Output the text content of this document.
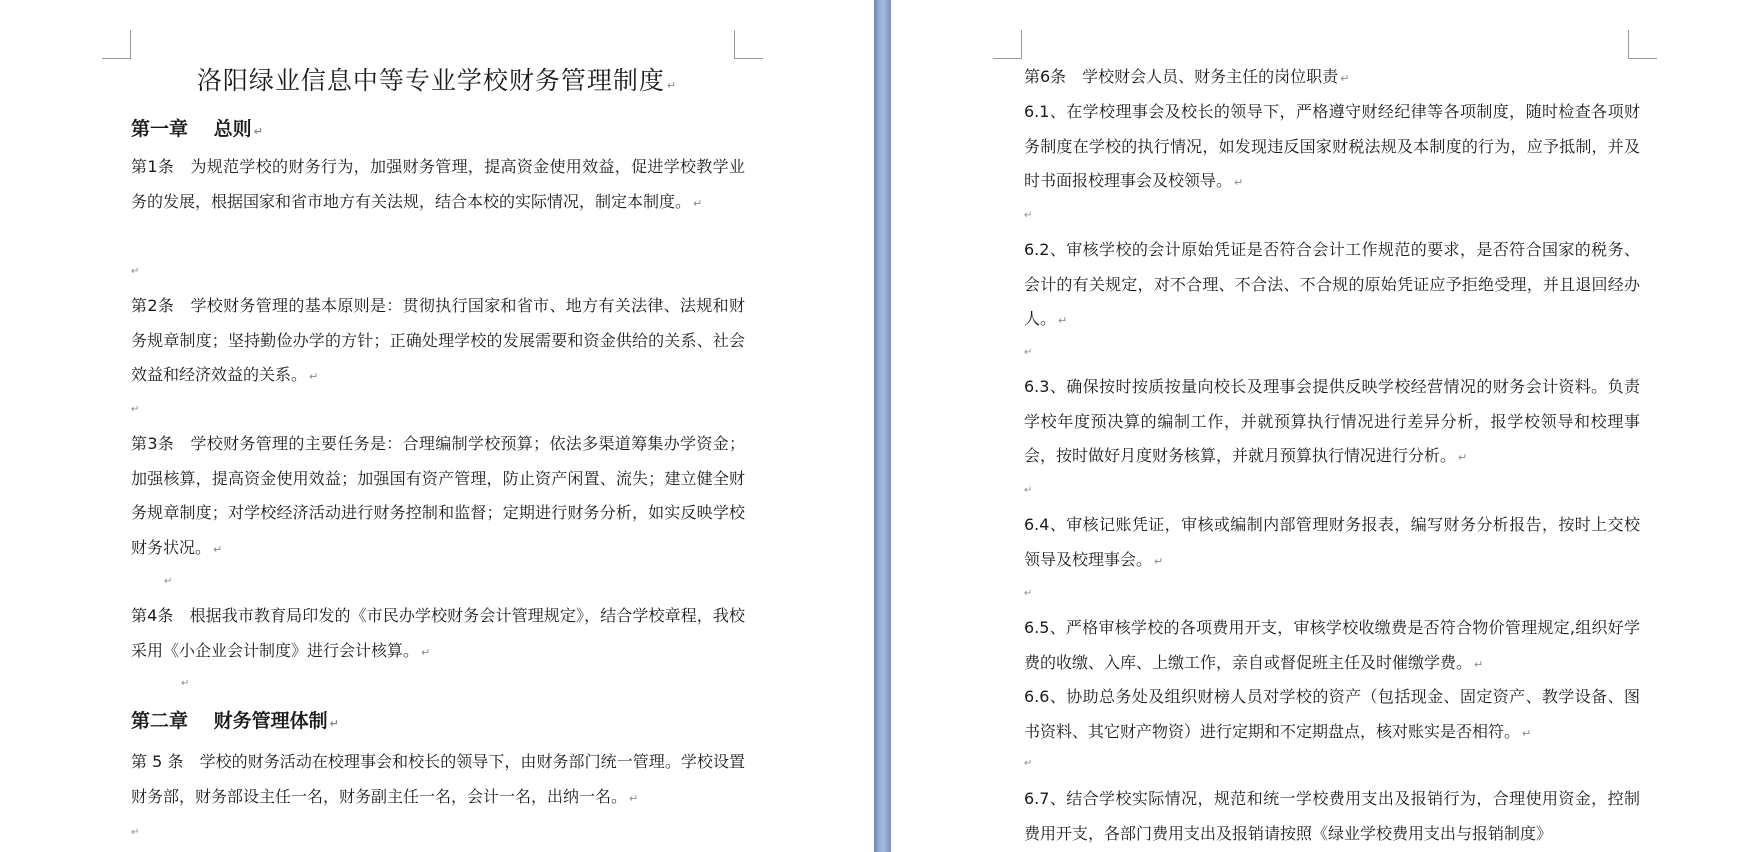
洛阳绿业信息中等专业学校财务管理制度 ↵
第一章　 总则 ↵
第1条　为规范学校的财务行为，加强财务管理，提高资金使用效益，促进学校教学业务的发展，根据国家和省市地方有关法规，结合本校的实际情况，制定本制度。 ↵
↵
第2条　学校财务管理的基本原则是：贯彻执行国家和省市、地方有关法律、法规和财务规章制度；坚持勤俭办学的方针；正确处理学校的发展需要和资金供给的关系、社会效益和经济效益的关系。 ↵
↵
第3条　学校财务管理的主要任务是：合理编制学校预算；依法多渠道筹集办学资金；加强核算，提高资金使用效益；加强国有资产管理，防止资产闲置、流失；建立健全财务规章制度；对学校经济活动进行财务控制和监督；定期进行财务分析，如实反映学校财务状况。 ↵
↵
第4条　根据我市教育局印发的《市民办学校财务会计管理规定》，结合学校章程，我校采用《小企业会计制度》进行会计核算。 ↵
↵
第二章　 财务管理体制 ↵
第 5 条　学校的财务活动在校理事会和校长的领导下，由财务部门统一管理。学校设置财务部，财务部设主任一名，财务副主任一名，会计一名，出纳一名。 ↵
↵
第6条　学校财会人员、财务主任的岗位职责 ↵
6.1、在学校理事会及校长的领导下，严格遵守财经纪律等各项制度，随时检查各项财务制度在学校的执行情况，如发现违反国家财税法规及本制度的行为，应予抵制，并及时书面报校理事会及校领导。 ↵
↵
6.2、审核学校的会计原始凭证是否符合会计工作规范的要求，是否符合国家的税务、会计的有关规定，对不合理、不合法、不合规的原始凭证应予拒绝受理，并且退回经办人。 ↵
↵
6.3、确保按时按质按量向校长及理事会提供反映学校经营情况的财务会计资料。负责学校年度预决算的编制工作，并就预算执行情况进行差异分析，报学校领导和校理事会，按时做好月度财务核算，并就月预算执行情况进行分析。 ↵
↵
6.4、审核记账凭证，审核或编制内部管理财务报表，编写财务分析报告，按时上交校领导及校理事会。 ↵
↵
6.5、严格审核学校的各项费用开支，审核学校收缴费是否符合物价管理规定,组织好学费的收缴、入库、上缴工作，亲自或督促班主任及时催缴学费。 ↵
6.6、协助总务处及组织财榜人员对学校的资产（包括现金、固定资产、教学设备、图书资料、其它财产物资）进行定期和不定期盘点，核对账实是否相符。 ↵
↵
6.7、结合学校实际情况，规范和统一学校费用支出及报销行为，合理使用资金，控制费用开支，各部门费用支出及报销请按照《绿业学校费用支出与报销制度》
